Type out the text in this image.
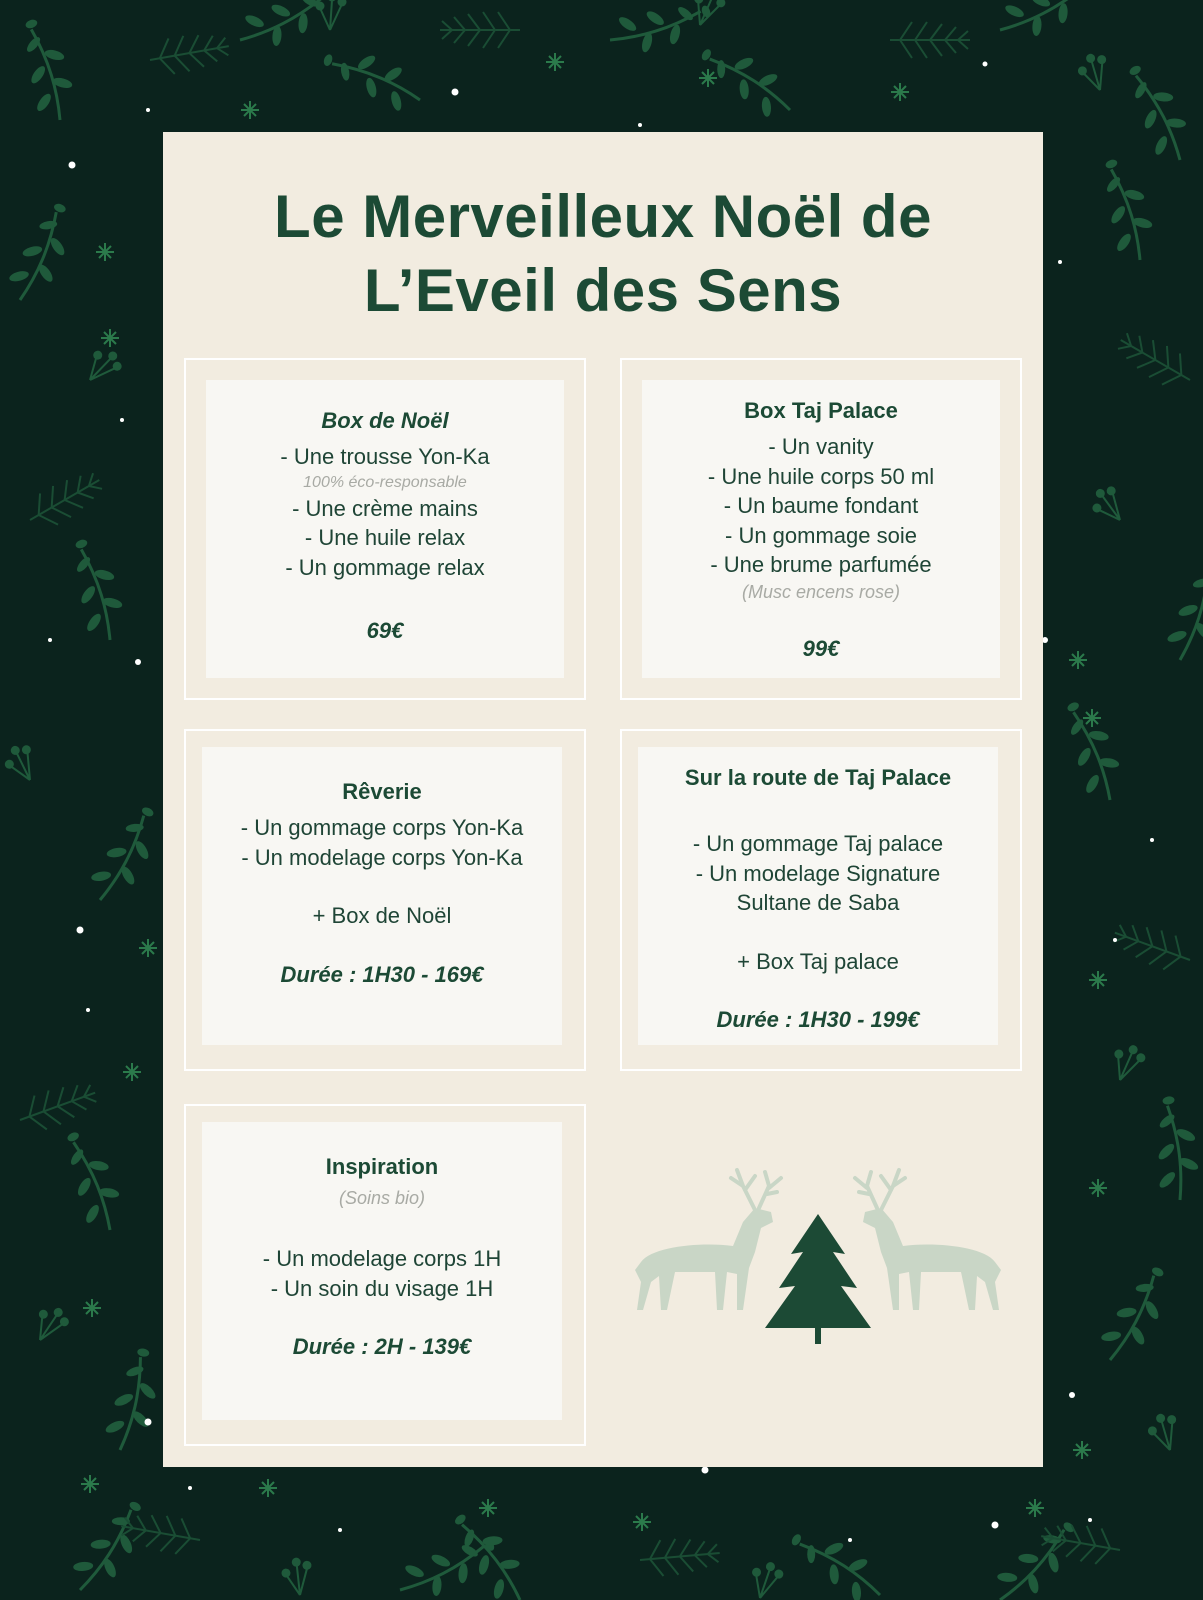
Le Merveilleux Noël de
L’Eveil des Sens
Box de Noël
- Une trousse Yon-Ka
100% éco-responsable
- Une crème mains
- Une huile relax
- Un gommage relax
69€
Box Taj Palace
- Un vanity
- Une huile corps 50 ml
- Un baume fondant
- Un gommage soie
- Une brume parfumée
(Musc encens rose)
99€
Rêverie
- Un gommage corps Yon-Ka
- Un modelage corps Yon-Ka
+ Box de Noël
Durée : 1H30 - 169€
Sur la route de Taj Palace
- Un gommage Taj palace
- Un modelage Signature
Sultane de Saba
+ Box Taj palace
Durée : 1H30 - 199€
Inspiration
(Soins bio)
- Un modelage corps 1H
- Un soin du visage 1H
Durée : 2H - 139€
